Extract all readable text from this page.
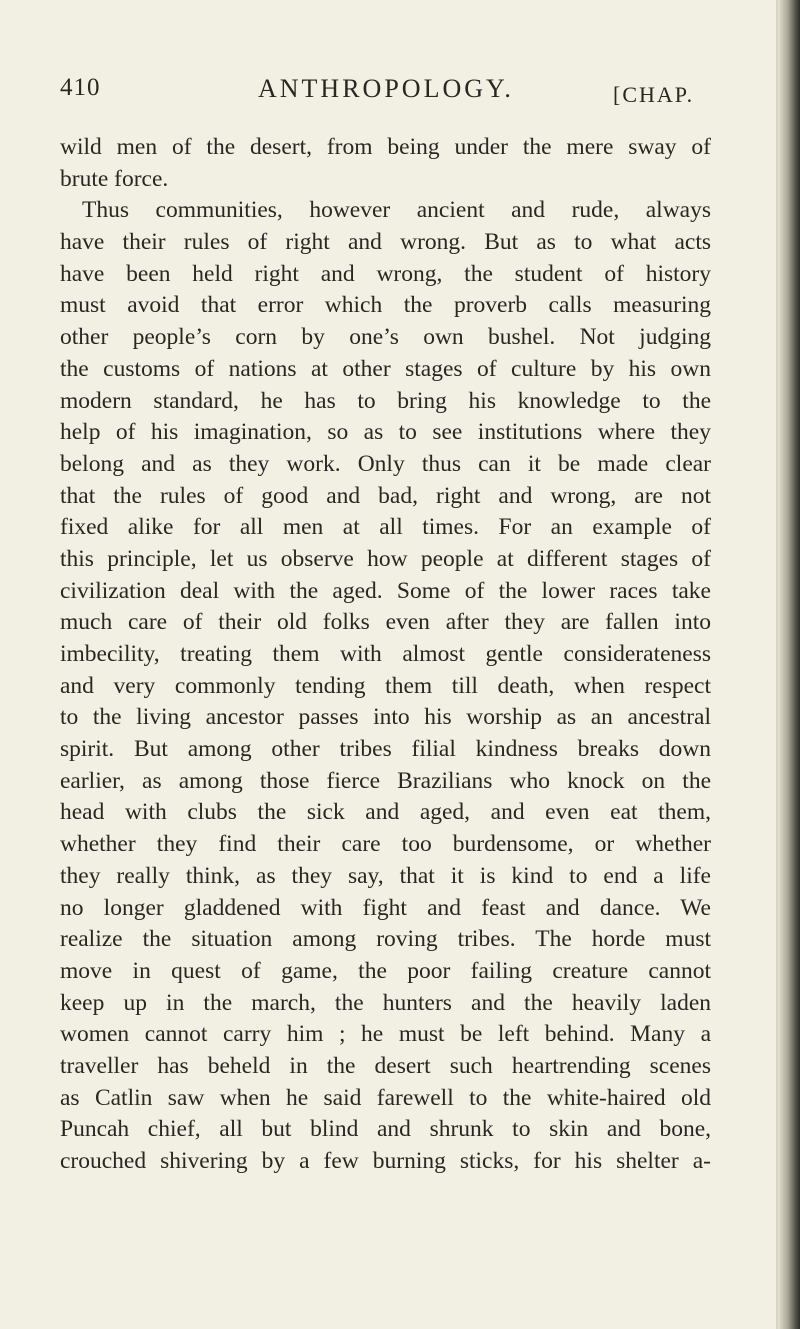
410	ANTHROPOLOGY.	[CHAP.
wild men of the desert, from being under the mere sway of
brute force.
Thus communities, however ancient and rude, always
have their rules of right and wrong. But as to what acts
have been held right and wrong, the student of history
must avoid that error which the proverb calls measuring
other people’s corn by one’s own bushel. Not judging
the customs of nations at other stages of culture by his own
modern standard, he has to bring his knowledge to the
help of his imagination, so as to see institutions where they
belong and as they work. Only thus can it be made clear
that the rules of good and bad, right and wrong, are not
fixed alike for all men at all times. For an example of
this principle, let us observe how people at different stages of
civilization deal with the aged. Some of the lower races take
much care of their old folks even after they are fallen into
imbecility, treating them with almost gentle considerateness
and very commonly tending them till death, when respect
to the living ancestor passes into his worship as an ancestral
spirit. But among other tribes filial kindness breaks down
earlier, as among those fierce Brazilians who knock on the
head with clubs the sick and aged, and even eat them,
whether they find their care too burdensome, or whether
they really think, as they say, that it is kind to end a life
no longer gladdened with fight and feast and dance. We
realize the situation among roving tribes. The horde must
move in quest of game, the poor failing creature cannot
keep up in the march, the hunters and the heavily laden
women cannot carry him ; he must be left behind. Many a
traveller has beheld in the desert such heartrending scenes
as Catlin saw when he said farewell to the white-haired old
Puncah chief, all but blind and shrunk to skin and bone,
crouched shivering by a few burning sticks, for his shelter a-
